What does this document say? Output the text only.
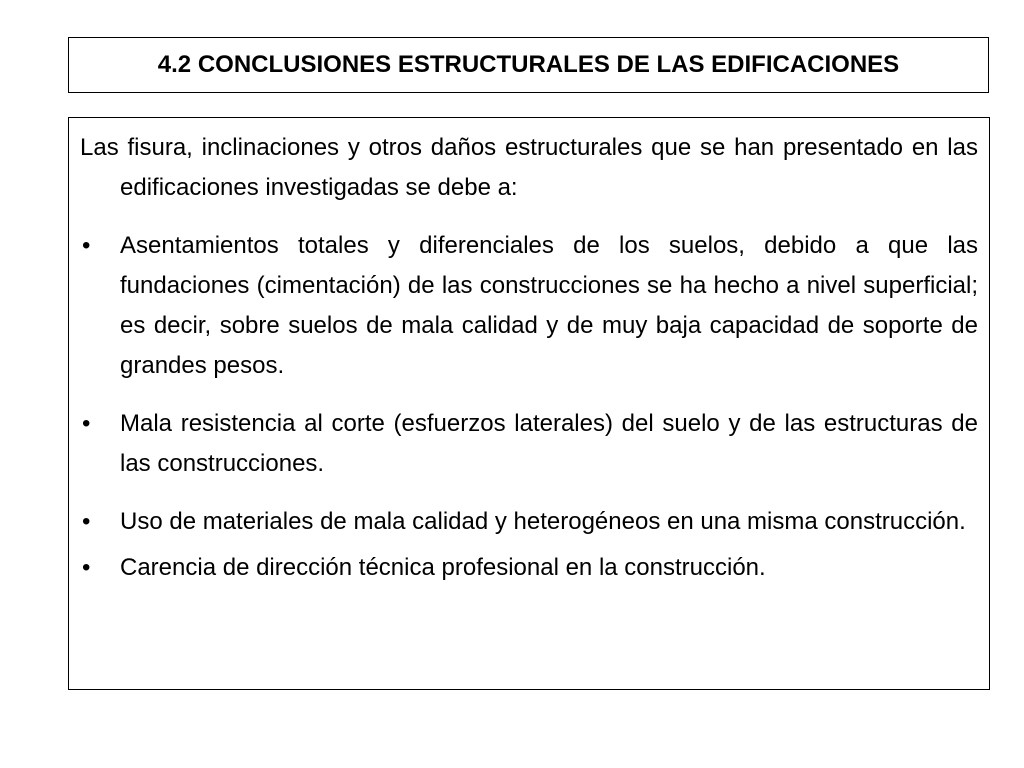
4.2 CONCLUSIONES ESTRUCTURALES DE LAS EDIFICACIONES

Las fisura, inclinaciones y otros daños estructurales que se han presentado en las edificaciones investigadas se debe a:

• Asentamientos totales y diferenciales de los suelos, debido a que las fundaciones (cimentación) de las construcciones se ha hecho a nivel superficial; es decir, sobre suelos de mala calidad y de muy baja capacidad de soporte de grandes pesos.
• Mala resistencia al corte (esfuerzos laterales) del suelo y de las estructuras de las construcciones.
• Uso de materiales de mala calidad y heterogéneos en una misma construcción.
• Carencia de dirección técnica profesional en la construcción.
